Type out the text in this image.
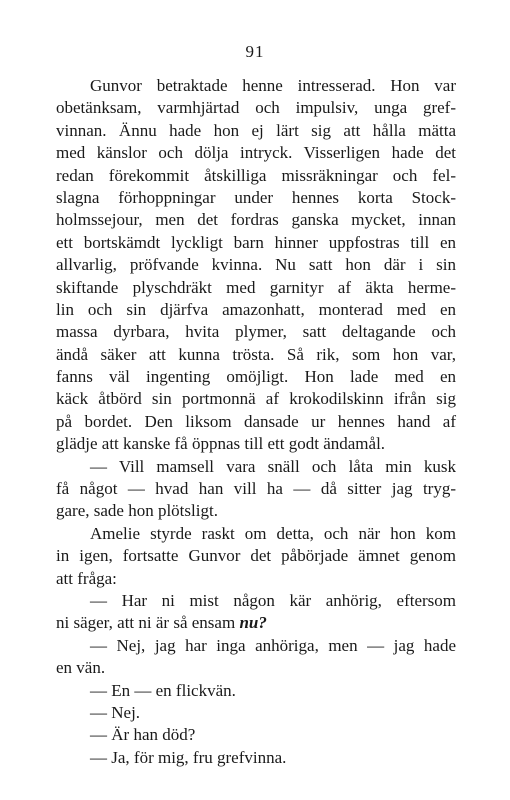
91
Gunvor betraktade henne intresserad. Hon var
obetänksam, varmhjärtad och impulsiv, unga gref-
vinnan. Ännu hade hon ej lärt sig att hålla mätta
med känslor och dölja intryck. Visserligen hade det
redan förekommit åtskilliga missräkningar och fel-
slagna förhoppningar under hennes korta Stock-
holmssejour, men det fordras ganska mycket, innan
ett bortskämdt lyckligt barn hinner uppfostras till en
allvarlig, pröfvande kvinna. Nu satt hon där i sin
skiftande plyschdräkt med garnityr af äkta herme-
lin och sin djärfva amazonhatt, monterad med en
massa dyrbara, hvita plymer, satt deltagande och
ändå säker att kunna trösta. Så rik, som hon var,
fanns väl ingenting omöjligt. Hon lade med en
käck åtbörd sin portmonnä af krokodilskinn ifrån sig
på bordet. Den liksom dansade ur hennes hand af
glädje att kanske få öppnas till ett godt ändamål.
— Vill mamsell vara snäll och låta min kusk
få något — hvad han vill ha — då sitter jag tryg-
gare, sade hon plötsligt.
Amelie styrde raskt om detta, och när hon kom
in igen, fortsatte Gunvor det påbörjade ämnet genom
att fråga:
— Har ni mist någon kär anhörig, eftersom
ni säger, att ni är så ensam nu?
— Nej, jag har inga anhöriga, men — jag hade
en vän.
— En — en flickvän.
— Nej.
— Är han död?
— Ja, för mig, fru grefvinna.
